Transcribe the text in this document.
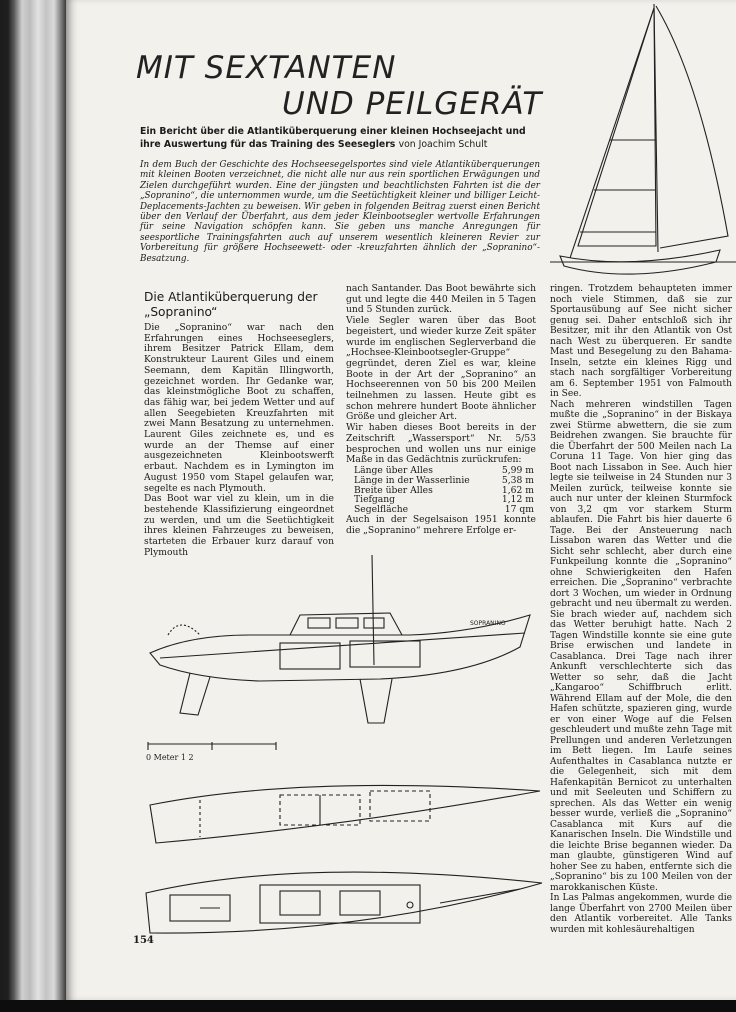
MIT SEXTANTEN
UND PEILGERÄT
Ein Bericht über die Atlantiküberquerung einer kleinen Hochseejacht und ihre Auswertung für das Training des Seeseglers von Joachim Schult
In dem Buch der Geschichte des Hochseesegelsportes sind viele Atlantiküberquerungen mit kleinen Booten verzeichnet, die nicht alle nur aus rein sportlichen Erwägungen und Zielen durchgeführt wurden. Eine der jüngsten und beachtlichsten Fahrten ist die der „Sopranino“, die unternommen wurde, um die Seetüchtigkeit kleiner und billiger Leicht-Deplacements-Jachten zu beweisen. Wir geben in folgenden Beitrag zuerst einen Bericht über den Verlauf der Überfahrt, aus dem jeder Kleinbootsegler wertvolle Erfahrungen für seine Navigation schöpfen kann. Sie geben uns manche Anregungen für seesportliche Trainingsfahrten auch auf unserem wesentlich kleineren Revier zur Vorbereitung für größere Hochseewett- oder -kreuzfahrten ähnlich der „Sopranino“-Besatzung.
Die Atlantiküberquerung der „Sopranino“

Die „Sopranino“ war nach den Erfahrungen eines Hochseeseglers, ihrem Besitzer Patrick Ellam, dem Konstrukteur Laurent Giles und einem Seemann, dem Kapitän Illingworth, gezeichnet worden. Ihr Gedanke war, das kleinstmögliche Boot zu schaffen, das fähig war, bei jedem Wetter und auf allen Seegebieten Kreuzfahrten mit zwei Mann Besatzung zu unternehmen. Laurent Giles zeichnete es, und es wurde an der Themse auf einer ausgezeichneten Kleinbootswerft erbaut. Nachdem es in Lymington im August 1950 vom Stapel gelaufen war, segelte es nach Plymouth.

Das Boot war viel zu klein, um in die bestehende Klassifizierung eingeordnet zu werden, und um die Seetüchtigkeit ihres kleinen Fahrzeuges zu beweisen, starteten die Erbauer kurz darauf von Plymouth

nach Santander. Das Boot bewährte sich gut und legte die 440 Meilen in 5 Tagen und 5 Stunden zurück.

Viele Segler waren über das Boot begeistert, und wieder kurze Zeit später wurde im englischen Seglerverband die „Hochsee-Kleinbootsegler-Gruppe“ gegründet, deren Ziel es war, kleine Boote in der Art der „Sopranino“ an Hochseerennen von 50 bis 200 Meilen teilnehmen zu lassen. Heute gibt es schon mehrere hundert Boote ähnlicher Größe und gleicher Art.

Wir haben dieses Boot bereits in der Zeitschrift „Wassersport“ Nr. 5/53 besprochen und wollen uns nur einige Maße in das Gedächtnis zurückrufen:

Länge über Alles	5,99 m
Länge in der Wasserlinie	5,38 m
Breite über Alles	1,62 m
Tiefgang	1,12 m
Segelfläche	17 qm

Auch in der Segelsaison 1951 konnte die „Sopranino“ mehrere Erfolge er-

ringen. Trotzdem behaupteten immer noch viele Stimmen, daß sie zur Sportausübung auf See nicht sicher genug sei. Daher entschloß sich ihr Besitzer, mit ihr den Atlantik von Ost nach West zu überqueren. Er sandte Mast und Besegelung zu den Bahama-Inseln, setzte ein kleines Rigg und stach nach sorgfältiger Vorbereitung am 6. September 1951 von Falmouth in See.

Nach mehreren windstillen Tagen mußte die „Sopranino“ in der Biskaya zwei Stürme abwettern, die sie zum Beidrehen zwangen. Sie brauchte für die Überfahrt der 500 Meilen nach La Coruna 11 Tage. Von hier ging das Boot nach Lissabon in See. Auch hier legte sie teilweise in 24 Stunden nur 3 Meilen zurück, teilweise konnte sie auch nur unter der kleinen Sturmfock von 3,2 qm vor starkem Sturm ablaufen. Die Fahrt bis hier dauerte 6 Tage. Bei der Ansteuerung nach Lissabon waren das Wetter und die Sicht sehr schlecht, aber durch eine Funkpeilung konnte die „Sopranino“ ohne Schwierigkeiten den Hafen erreichen. Die „Sopranino“ verbrachte dort 3 Wochen, um wieder in Ordnung gebracht und neu übermalt zu werden. Sie brach wieder auf, nachdem sich das Wetter beruhigt hatte. Nach 2 Tagen Windstille konnte sie eine gute Brise erwischen und landete in Casablanca. Drei Tage nach ihrer Ankunft verschlechterte sich das Wetter so sehr, daß die Jacht „Kangaroo“ Schiffbruch erlitt. Während Ellam auf der Mole, die den Hafen schützte, spazieren ging, wurde er von einer Woge auf die Felsen geschleudert und mußte zehn Tage mit Prellungen und anderen Verletzungen im Bett liegen. Im Laufe seines Aufenthaltes in Casablanca nutzte er die Gelegenheit, sich mit dem Hafenkapitän Bernicot zu unterhalten und mit Seeleuten und Schiffern zu sprechen. Als das Wetter ein wenig besser wurde, verließ die „Sopranino“ Casablanca mit Kurs auf die Kanarischen Inseln. Die Windstille und die leichte Brise begannen wieder. Da man glaubte, günstigeren Wind auf hoher See zu haben, entfernte sich die „Sopranino“ bis zu 100 Meilen von der marokkanischen Küste.

In Las Palmas angekommen, wurde die lange Überfahrt von 2700 Meilen über den Atlantik vorbereitet. Alle Tanks wurden mit kohlesäurehaltigen

SOPRANINO
0 Meter 1 2
154
